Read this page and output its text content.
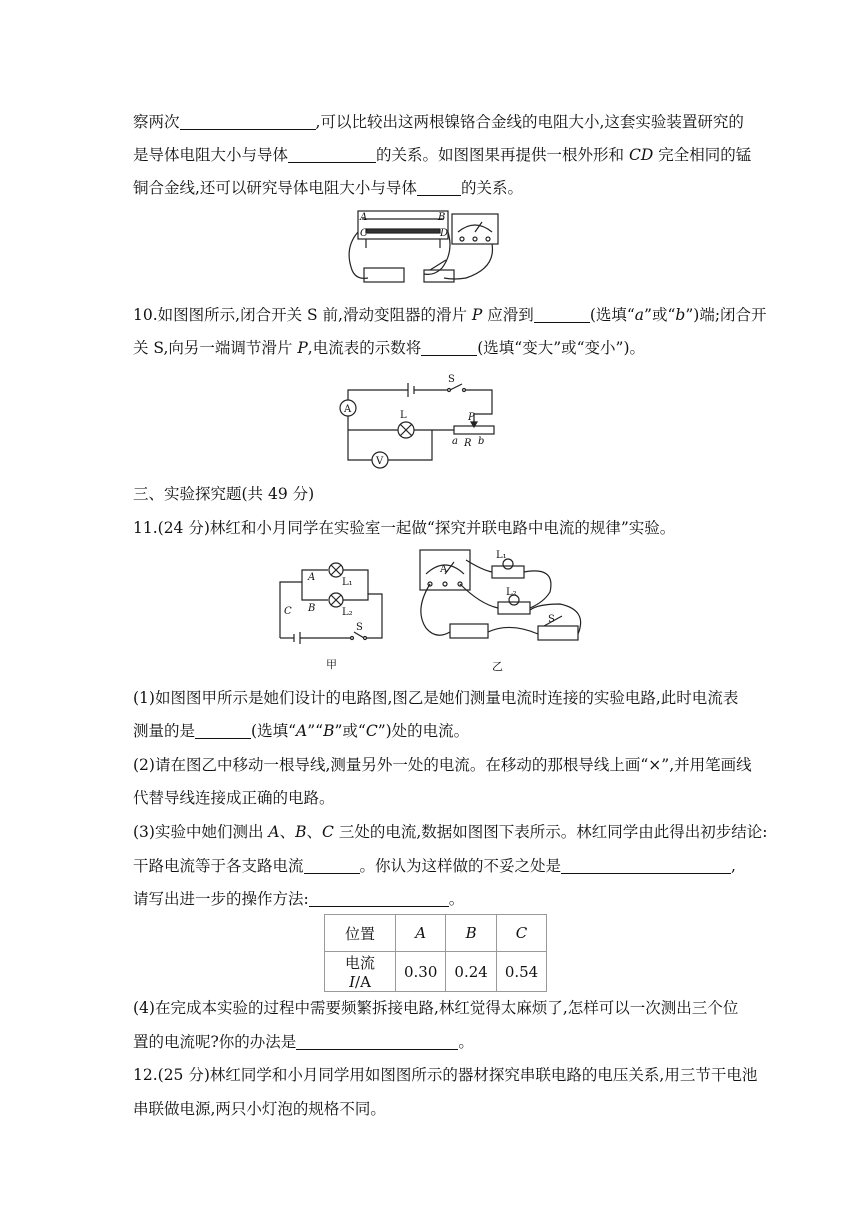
察两次	,可以比较出这两根镍铬合金线的电阻大小,这套实验装置研究的
是导体电阻大小与导体	的关系。如图图果再提供一根外形和 CD 完全相同的锰
铜合金线,还可以研究导体电阻大小与导体	的关系。
A	B
C	D
10.如图图所示,闭合开关 S 前,滑动变阻器的滑片 P 应滑到	(选填“a”或“b”)端;闭合开
关 S,向另一端调节滑片 P,电流表的示数将	(选填“变大”或“变小”)。
S
A
L
V
P
a R b
三、实验探究题(共 49 分)
11.(24 分)林红和小月同学在实验室一起做“探究并联电路中电流的规律”实验。
A	L₁
B	L₂
C
S
甲
A
L₁
L₂
S
乙
(1)如图图甲所示是她们设计的电路图,图乙是她们测量电流时连接的实验电路,此时电流表
测量的是	(选填“A”“B”或“C”)处的电流。
(2)请在图乙中移动一根导线,测量另外一处的电流。在移动的那根导线上画“×”,并用笔画线
代替导线连接成正确的电路。
(3)实验中她们测出 A、B、C 三处的电流,数据如图图下表所示。林红同学由此得出初步结论:
干路电流等于各支路电流	。你认为这样做的不妥之处是	,
请写出进一步的操作方法:	。
位置	A	B	C
电流 I/A	0.30	0.24	0.54
(4)在完成本实验的过程中需要频繁拆接电路,林红觉得太麻烦了,怎样可以一次测出三个位
置的电流呢?你的办法是	。
12.(25 分)林红同学和小月同学用如图图所示的器材探究串联电路的电压关系,用三节干电池
串联做电源,两只小灯泡的规格不同。
